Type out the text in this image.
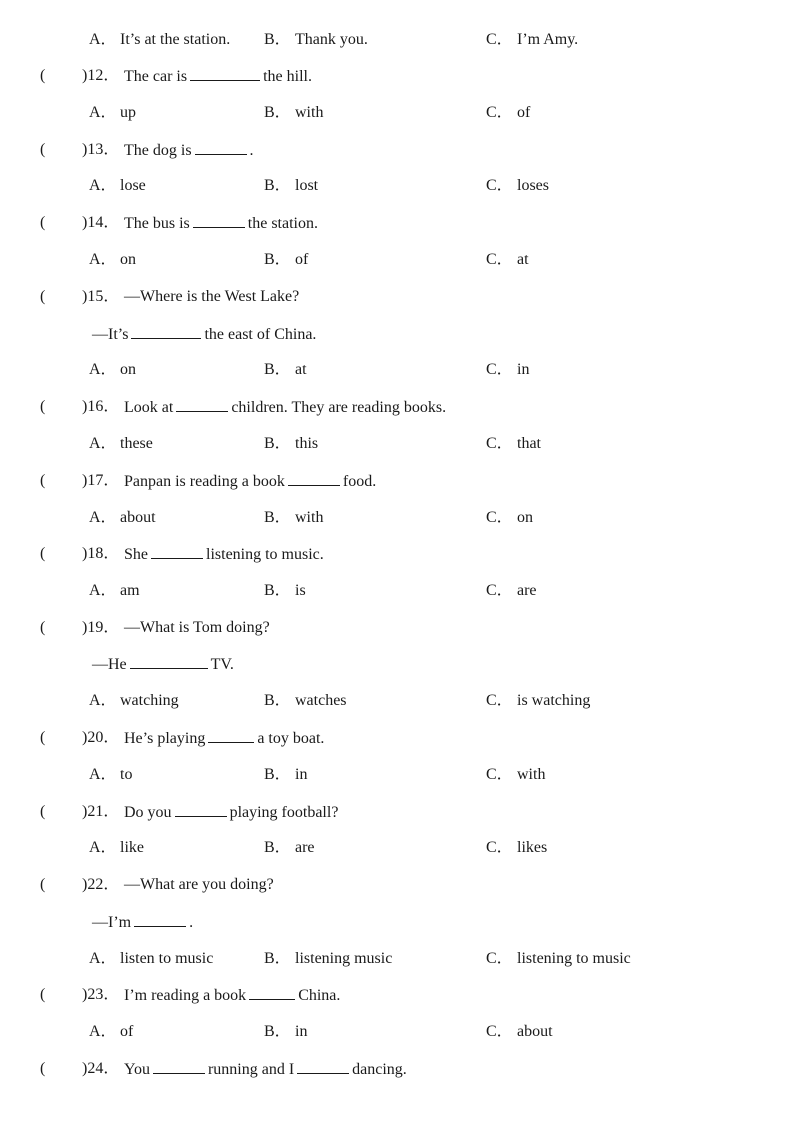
A． It’s at the station. B． Thank you.	C． I’m Amy.
( )12． The car is	the hill.
A． up	B． with	C． of
( )13． The dog is	.
A． lose	B． lost	C． loses
( )14． The bus is	the station.
A． on	B． of	C． at
( )15． —Where is the West Lake?
—It’s	the east of China.
A． on	B． at	C． in
( )16． Look at	children. They are reading books.
A． these	B． this	C． that
( )17． Panpan is reading a book	food.
A． about	B． with	C． on
( )18． She	listening to music.
A． am	B． is	C． are
( )19． —What is Tom doing?
—He	TV.
A． watching	B． watches	C． is watching
( )20． He’s playing	a toy boat.
A． to	B． in	C． with
( )21． Do you	playing football?
A． like	B． are	C． likes
( )22． —What are you doing?
—I’m	.
A． listen to music	B． listening music	C． listening to music
( )23． I’m reading a book	China.
A． of	B． in	C． about
( )24． You	running and I	dancing.
